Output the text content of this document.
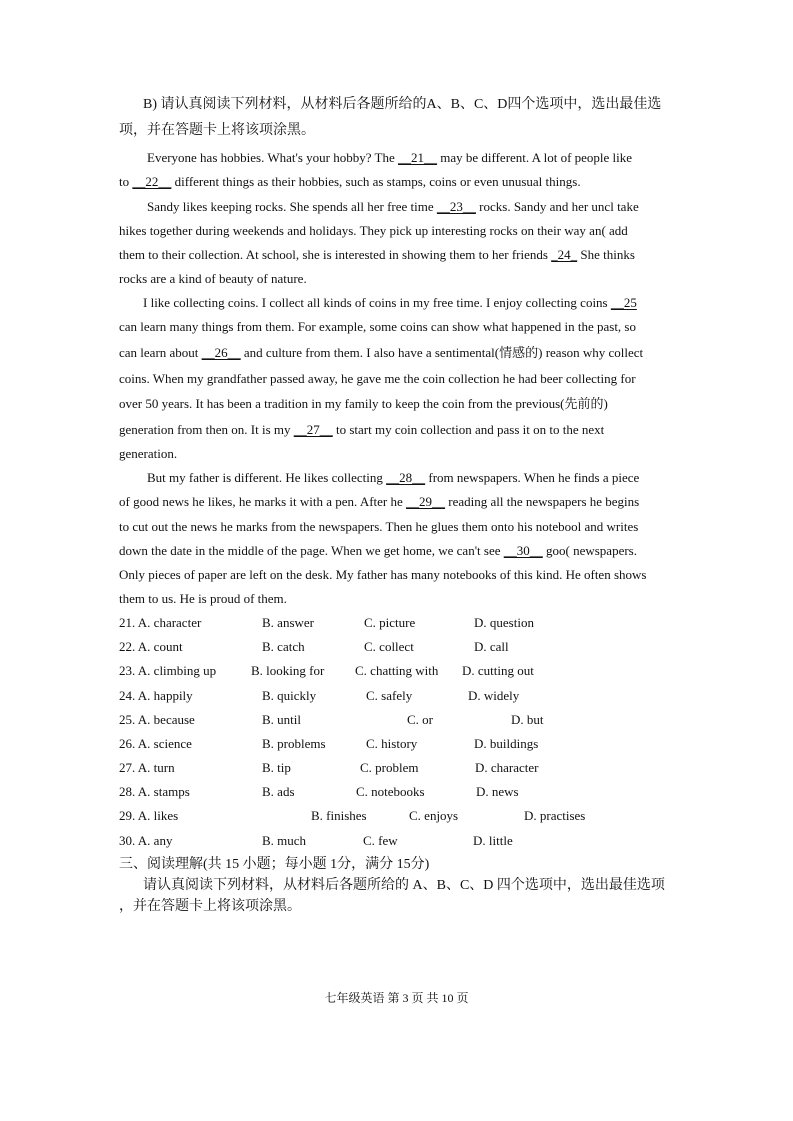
B) 请认真阅读下列材料，从材料后各题所给的A、B、C、D四个选项中，选出最佳选
项，并在答题卡上将该项涂黑。
Everyone has hobbies. What's your hobby? The __21__ may be different. A lot of people like
to __22__ different things as their hobbies, such as stamps, coins or even unusual things.
Sandy likes keeping rocks. She spends all her free time __23__ rocks. Sandy and her uncl take
hikes together during weekends and holidays. They pick up interesting rocks on their way an( add
them to their collection. At school, she is interested in showing them to her friends _24_ She thinks
rocks are a kind of beauty of nature.
I like collecting coins. I collect all kinds of coins in my free time. I enjoy collecting coins __25
can learn many things from them. For example, some coins can show what happened in the past, so
can learn about __26__ and culture from them. I also have a sentimental(情感的) reason why collect
coins. When my grandfather passed away, he gave me the coin collection he had beer collecting for
over 50 years. It has been a tradition in my family to keep the coin from the previous(先前的)
generation from then on. It is my __27__ to start my coin collection and pass it on to the next
generation.
But my father is different. He likes collecting __28__ from newspapers. When he finds a piece
of good news he likes, he marks it with a pen. After he __29__ reading all the newspapers he begins
to cut out the news he marks from the newspapers. Then he glues them onto his notebool and writes
down the date in the middle of the page. When we get home, we can't see __30__ goo( newspapers.
Only pieces of paper are left on the desk. My father has many notebooks of this kind. He often shows
them to us. He is proud of them.
21. A. character	B. answer	C. picture	D. question
22. A. count	B. catch	C. collect	D. call
23. A. climbing up	B. looking for C. chatting with D. cutting out
24. A. happily	B. quickly	C. safely	D. widely
25. A. because	B. until	C. or	D. but
26. A. science	B. problems	C. history	D. buildings
27. A. turn	B. tip	C. problem	D. character
28. A. stamps	B. ads	C. notebooks	D. news
29. A. likes	B. finishes	C. enjoys	D. practises
30. A. any	B. much	C. few	D. little
三、阅读理解(共 15 小题；每小题 1分，满分 15分)
请认真阅读下列材料，从材料后各题所给的 A、B、C、D 四个选项中，选出最佳选项
，并在答题卡上将该项涂黑。
七年级英语 第 3 页 共 10 页
